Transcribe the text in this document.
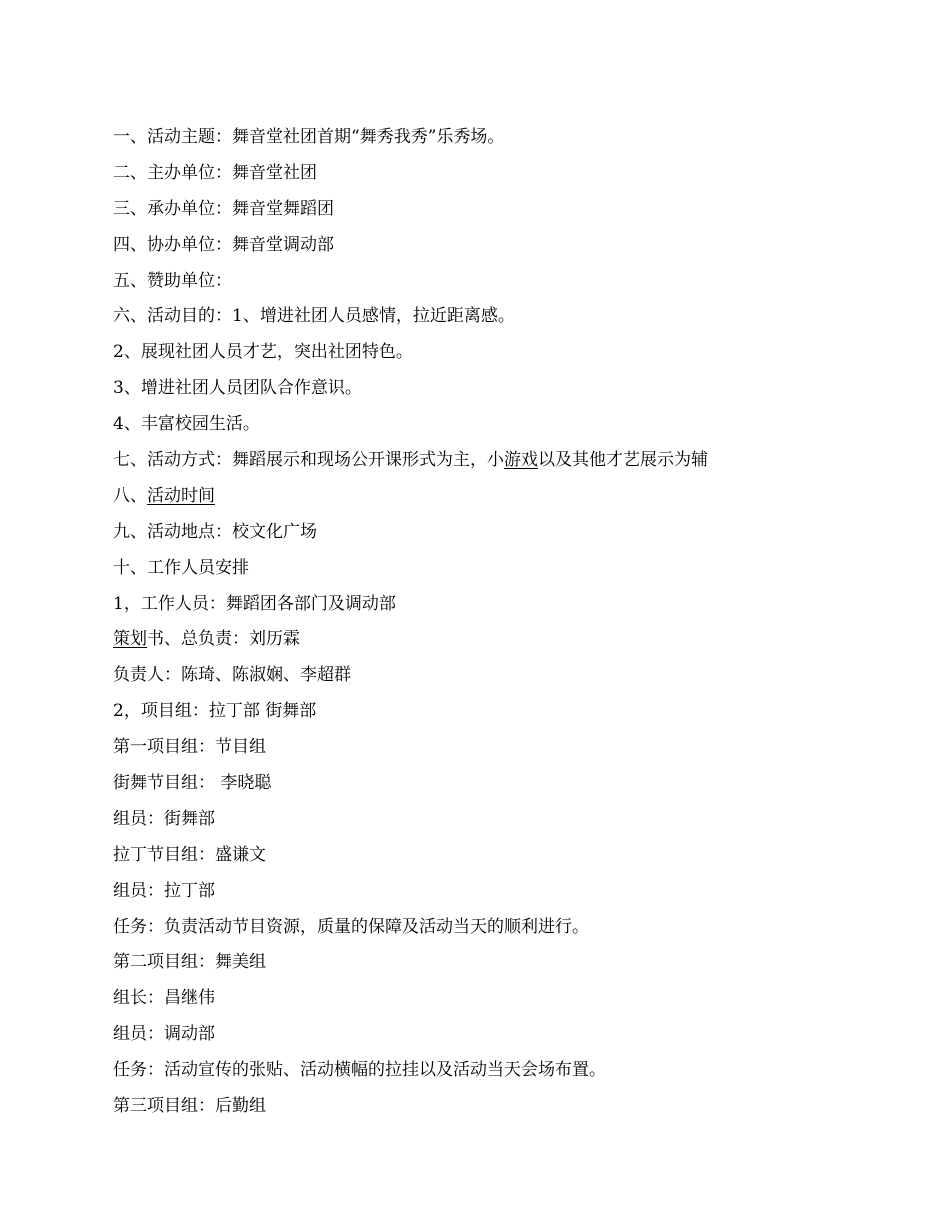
一、活动主题：舞音堂社团首期“舞秀我秀”乐秀场。
二、主办单位：舞音堂社团
三、承办单位：舞音堂舞蹈团
四、协办单位：舞音堂调动部
五、赞助单位：
六、活动目的：1、增进社团人员感情，拉近距离感。
2、展现社团人员才艺，突出社团特色。
3、增进社团人员团队合作意识。
4、丰富校园生活。
七、活动方式：舞蹈展示和现场公开课形式为主，小游戏以及其他才艺展示为辅
八、活动时间
九、活动地点：校文化广场
十、工作人员安排
1，工作人员：舞蹈团各部门及调动部
策划书、总负责：刘历霖
负责人：陈琦、陈淑娴、李超群
2，项目组：拉丁部 街舞部
第一项目组：节目组
街舞节目组： 李晓聪
组员：街舞部
拉丁节目组：盛谦文
组员：拉丁部
任务：负责活动节目资源，质量的保障及活动当天的顺利进行。
第二项目组：舞美组
组长：昌继伟
组员：调动部
任务：活动宣传的张贴、活动横幅的拉挂以及活动当天会场布置。
第三项目组：后勤组
